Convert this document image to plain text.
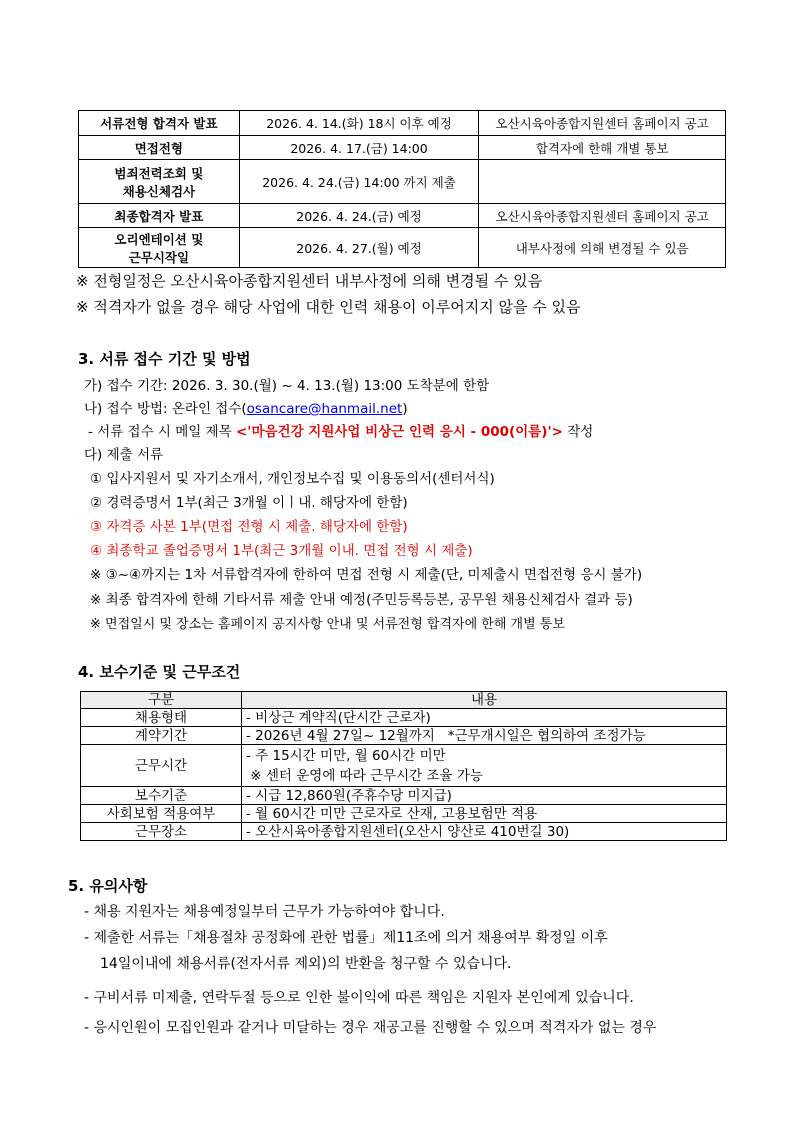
서류전형 합격자 발표	2026. 4. 14.(화) 18시 이후 예정	오산시육아종합지원센터 홈페이지 공고
면접전형	2026. 4. 17.(금) 14:00	합격자에 한해 개별 통보
범죄전력조회 및
채용신체검사	2026. 4. 24.(금) 14:00 까지 제출	
최종합격자 발표	2026. 4. 24.(금) 예정	오산시육아종합지원센터 홈페이지 공고
오리엔테이션 및
근무시작일	2026. 4. 27.(월) 예정	내부사정에 의해 변경될 수 있음
※ 전형일정은 오산시육아종합지원센터 내부사정에 의해 변경될 수 있음
※ 적격자가 없을 경우 해당 사업에 대한 인력 채용이 이루어지지 않을 수 있음
3. 서류 접수 기간 및 방법
가) 접수 기간: 2026. 3. 30.(월) ~ 4. 13.(월) 13:00 도착분에 한함
나) 접수 방법: 온라인 접수(osancare@hanmail.net)
- 서류 접수 시 메일 제목 <'마음건강 지원사업 비상근 인력 응시 - 000(이름)'> 작성
다) 제출 서류
① 입사지원서 및 자기소개서, 개인정보수집 및 이용동의서(센터서식)
② 경력증명서 1부(최근 3개월 이ㅣ내. 해당자에 한함)
③ 자격증 사본 1부(면접 전형 시 제출. 해당자에 한함)
④ 최종학교 졸업증명서 1부(최근 3개월 이내. 면접 전형 시 제출)
※ ③~④까지는 1차 서류합격자에 한하여 면접 전형 시 제출(단, 미제출시 면접전형 응시 불가)
※ 최종 합격자에 한해 기타서류 제출 안내 예정(주민등록등본, 공무원 채용신체검사 결과 등)
※ 면접일시 및 장소는 홈페이지 공지사항 안내 및 서류전형 합격자에 한해 개별 통보
4. 보수기준 및 근무조건
구분	내용
채용형태	- 비상근 계약직(단시간 근로자)
계약기간	- 2026년 4월 27일~ 12월까지   *근무개시일은 협의하여 조정가능
근무시간	- 주 15시간 미만, 월 60시간 미만
※ 센터 운영에 따라 근무시간 조율 가능

보수기준	- 시급 12,860원(주휴수당 미지급)
사회보험 적용여부	- 월 60시간 미만 근로자로 산재, 고용보험만 적용
근무장소	- 오산시육아종합지원센터(오산시 양산로 410번길 30)
5. 유의사항
- 채용 지원자는 채용예정일부터 근무가 가능하여야 합니다.
- 제출한 서류는「채용절차 공정화에 관한 법률」제11조에 의거 채용여부 확정일 이후
14일이내에 채용서류(전자서류 제외)의 반환을 청구할 수 있습니다.
- 구비서류 미제출, 연락두절 등으로 인한 불이익에 따른 책임은 지원자 본인에게 있습니다.
- 응시인원이 모집인원과 같거나 미달하는 경우 재공고를 진행할 수 있으며 적격자가 없는 경우
